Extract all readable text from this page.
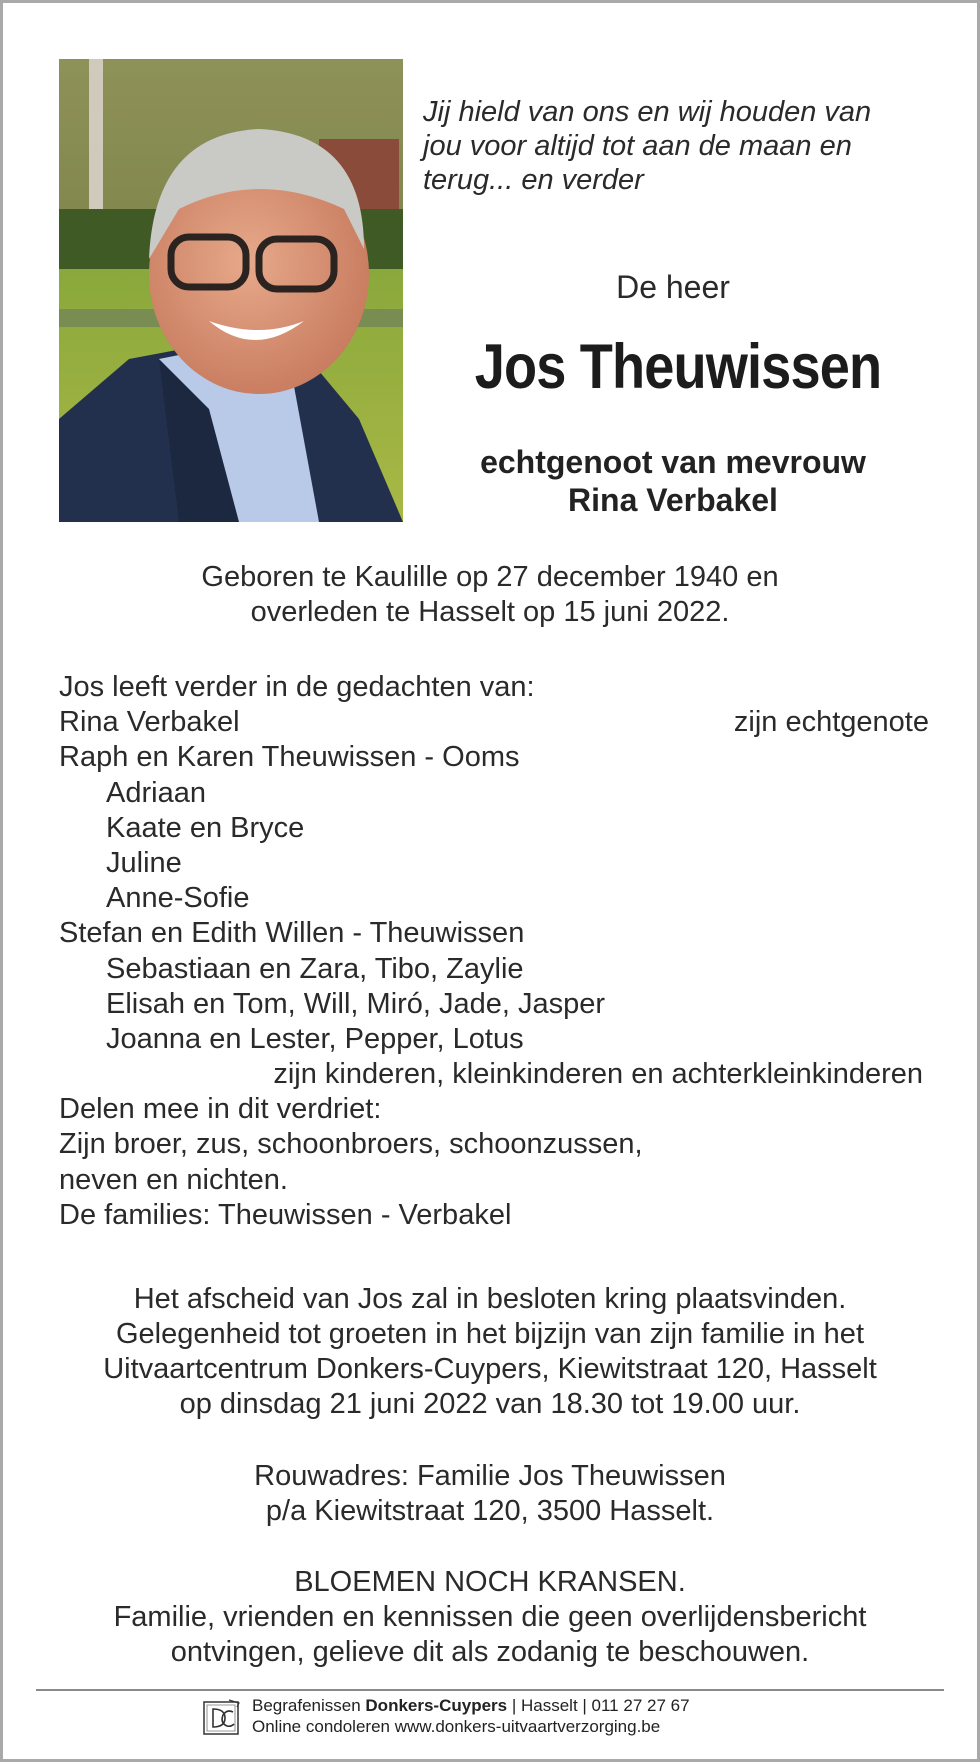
Jij hield van ons en wij houden van
jou voor altijd tot aan de maan en
terug... en verder
De heer
Jos Theuwissen
echtgenoot van mevrouw
Rina Verbakel
Geboren te Kaulille op 27 december 1940 en
overleden te Hasselt op 15 juni 2022.
Jos leeft verder in de gedachten van:
Rina Verbakel	zijn echtgenote
Raph en Karen Theuwissen - Ooms
Adriaan
Kaate en Bryce
Juline
Anne-Sofie
Stefan en Edith Willen - Theuwissen
Sebastiaan en Zara, Tibo, Zaylie
Elisah en Tom, Will, Miró, Jade, Jasper
Joanna en Lester, Pepper, Lotus
zijn kinderen, kleinkinderen en achterkleinkinderen
Delen mee in dit verdriet:
Zijn broer, zus, schoonbroers, schoonzussen,
neven en nichten.
De families: Theuwissen - Verbakel
Het afscheid van Jos zal in besloten kring plaatsvinden.
Gelegenheid tot groeten in het bijzijn van zijn familie in het
Uitvaartcentrum Donkers-Cuypers, Kiewitstraat 120, Hasselt
op dinsdag 21 juni 2022 van 18.30 tot 19.00 uur.
Rouwadres: Familie Jos Theuwissen
p/a Kiewitstraat 120, 3500 Hasselt.
BLOEMEN NOCH KRANSEN.
Familie, vrienden en kennissen die geen overlijdensbericht
ontvingen, gelieve dit als zodanig te beschouwen.
Begrafenissen Donkers-Cuypers | Hasselt | 011 27 27 67
Online condoleren www.donkers-uitvaartverzorging.be
